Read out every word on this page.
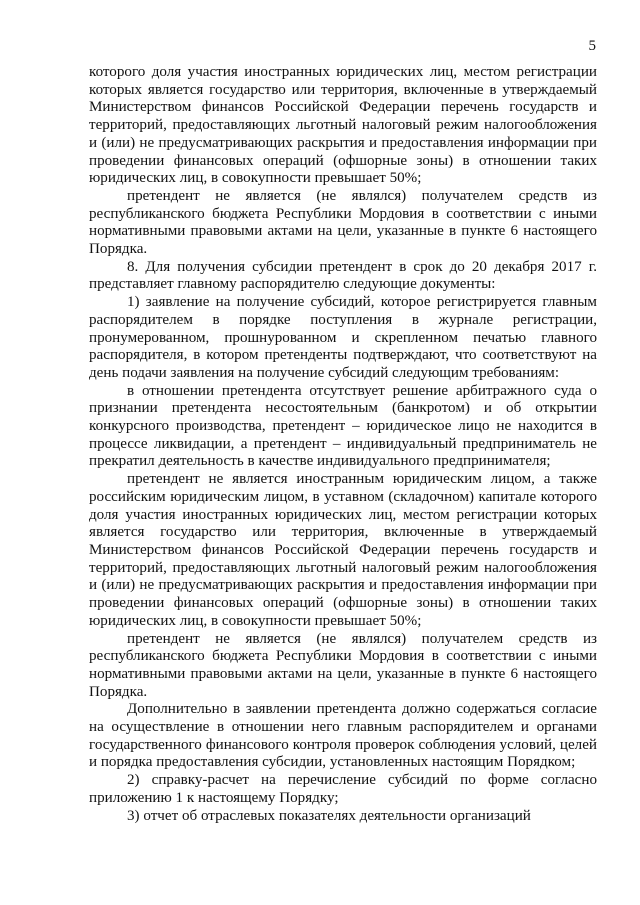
5

которого доля участия иностранных юридических лиц, местом регистрации которых является государство или территория, включенные в утверждаемый Министерством финансов Российской Федерации перечень государств и территорий, предоставляющих льготный налоговый режим налогообложения и (или) не предусматривающих раскрытия и предоставления информации при проведении финансовых операций (офшорные зоны) в отношении таких юридических лиц, в совокупности превышает 50%;

претендент не является (не являлся) получателем средств из республиканского бюджета Республики Мордовия в соответствии с иными нормативными правовыми актами на цели, указанные в пункте 6 настоящего Порядка.

8. Для получения субсидии претендент в срок до 20 декабря 2017 г. представляет главному распорядителю следующие документы:

1) заявление на получение субсидий, которое регистрируется главным распорядителем в порядке поступления в журнале регистрации, пронумерованном, прошнурованном и скрепленном печатью главного распорядителя, в котором претенденты подтверждают, что соответствуют на день подачи заявления на получение субсидий следующим требованиям:

в отношении претендента отсутствует решение арбитражного суда о признании претендента несостоятельным (банкротом) и об открытии конкурсного производства, претендент – юридическое лицо не находится в процессе ликвидации, а претендент – индивидуальный предприниматель не прекратил деятельность в качестве индивидуального предпринимателя;

претендент не является иностранным юридическим лицом, а также российским юридическим лицом, в уставном (складочном) капитале которого доля участия иностранных юридических лиц, местом регистрации которых является государство или территория, включенные в утверждаемый Министерством финансов Российской Федерации перечень государств и территорий, предоставляющих льготный налоговый режим налогообложения и (или) не предусматривающих раскрытия и предоставления информации при проведении финансовых операций (офшорные зоны) в отношении таких юридических лиц, в совокупности превышает 50%;

претендент не является (не являлся) получателем средств из республиканского бюджета Республики Мордовия в соответствии с иными нормативными правовыми актами на цели, указанные в пункте 6 настоящего Порядка.

Дополнительно в заявлении претендента должно содержаться согласие на осуществление в отношении него главным распорядителем и органами государственного финансового контроля проверок соблюдения условий, целей и порядка предоставления субсидии, установленных настоящим Порядком;

2) справку-расчет на перечисление субсидий по форме согласно приложению 1 к настоящему Порядку;

3) отчет об отраслевых показателях деятельности организаций
